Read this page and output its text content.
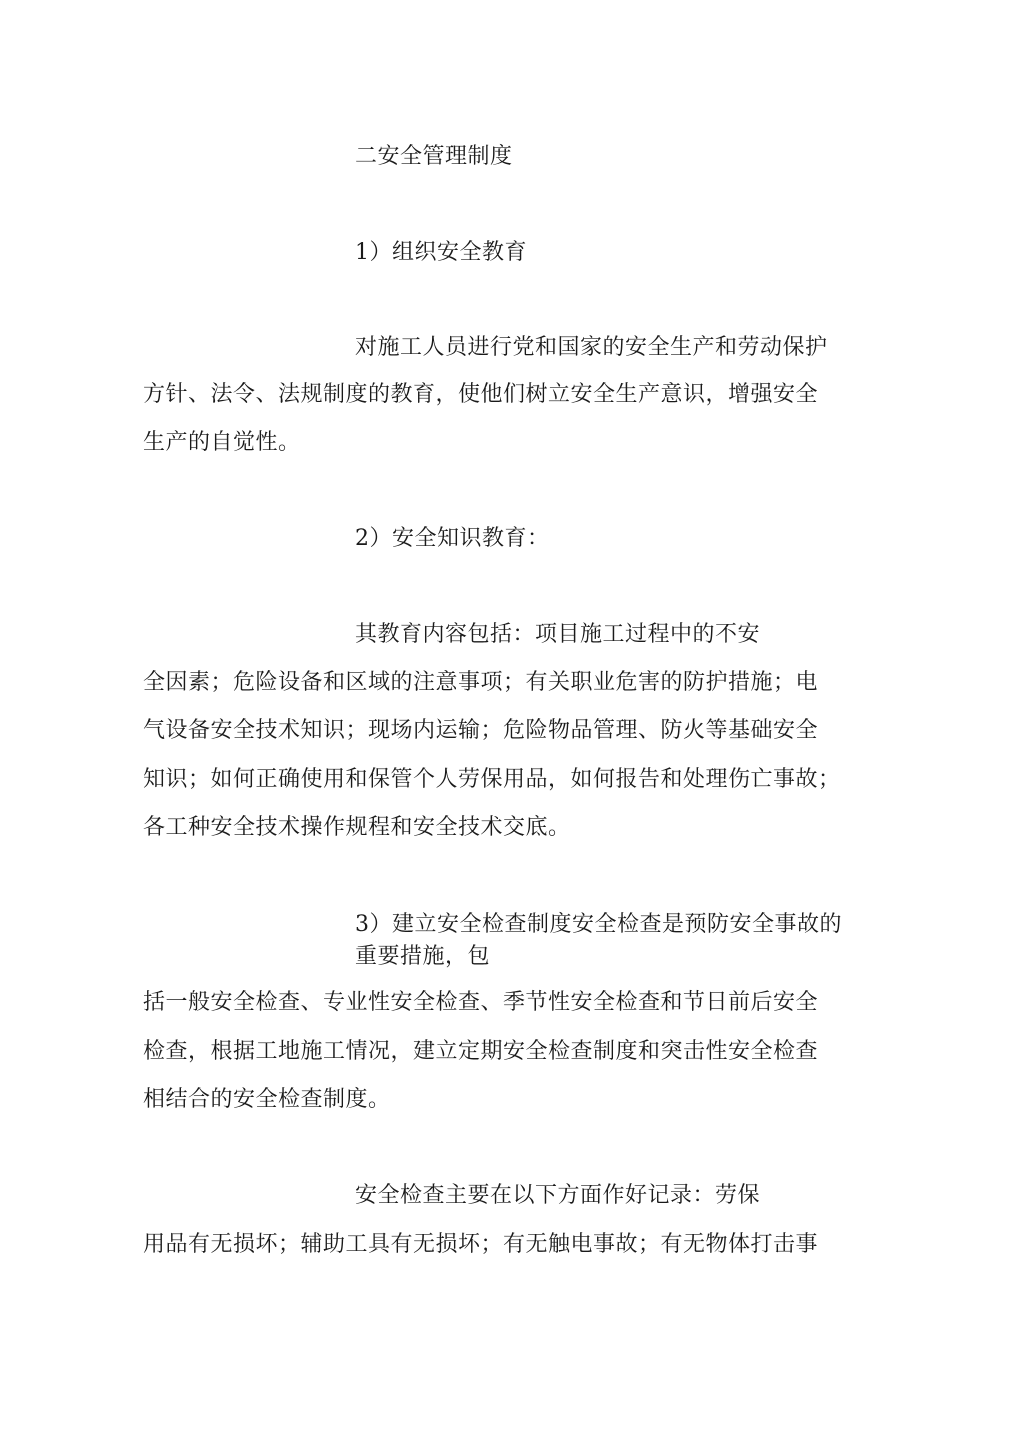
二安全管理制度
1）组织安全教育
对施工人员进行党和国家的安全生产和劳动保护
方针、法令、法规制度的教育，使他们树立安全生产意识，增强安全
生产的自觉性。
2）安全知识教育：
其教育内容包括：项目施工过程中的不安
全因素；危险设备和区域的注意事项；有关职业危害的防护措施；电
气设备安全技术知识；现场内运输；危险物品管理、防火等基础安全
知识；如何正确使用和保管个人劳保用品，如何报告和处理伤亡事故；
各工种安全技术操作规程和安全技术交底。
3）建立安全检查制度安全检查是预防安全事故的
重要措施，包
括一般安全检查、专业性安全检查、季节性安全检查和节日前后安全
检查，根据工地施工情况，建立定期安全检查制度和突击性安全检查
相结合的安全检查制度。
安全检查主要在以下方面作好记录：劳保
用品有无损坏；辅助工具有无损坏；有无触电事故；有无物体打击事
